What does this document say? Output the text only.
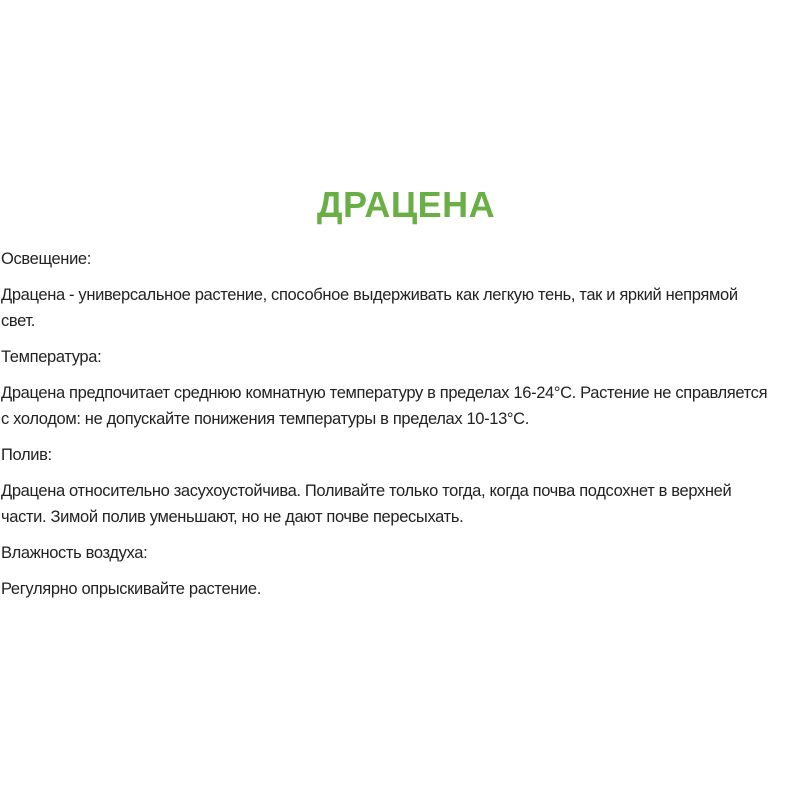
ДРАЦЕНА
Освещение:
Драцена - универсальное растение, способное выдерживать как легкую тень, так и яркий непрямой
свет.
Температура:
Драцена предпочитает среднюю комнатную температуру в пределах 16-24°C. Растение не справляется
с холодом: не допускайте понижения температуры в пределах 10-13°C.
Полив:
Драцена относительно засухоустойчива. Поливайте только тогда, когда почва подсохнет в верхней
части. Зимой полив уменьшают, но не дают почве пересыхать.
Влажность воздуха:
Регулярно опрыскивайте растение.
